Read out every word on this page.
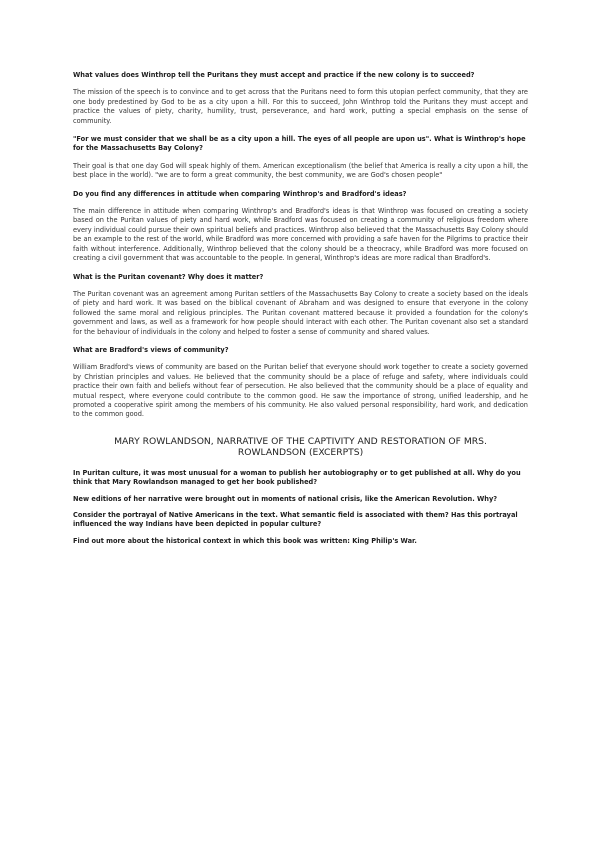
What values does Winthrop tell the Puritans they must accept and practice if the new colony is to succeed?

The mission of the speech is to convince and to get across that the Puritans need to form this utopian perfect community, that they are one body predestined by God to be as a city upon a hill. For this to succeed, John Winthrop told the Puritans they must accept and practice the values of piety, charity, humility, trust, perseverance, and hard work, putting a special emphasis on the sense of community.

"For we must consider that we shall be as a city upon a hill. The eyes of all people are upon us". What is Winthrop's hope for the Massachusetts Bay Colony?

Their goal is that one day God will speak highly of them. American exceptionalism (the belief that America is really a city upon a hill, the best place in the world). "we are to form a great community, the best community, we are God's chosen people"

Do you find any differences in attitude when comparing Winthrop's and Bradford's ideas?

The main difference in attitude when comparing Winthrop's and Bradford's ideas is that Winthrop was focused on creating a society based on the Puritan values of piety and hard work, while Bradford was focused on creating a community of religious freedom where every individual could pursue their own spiritual beliefs and practices. Winthrop also believed that the Massachusetts Bay Colony should be an example to the rest of the world, while Bradford was more concerned with providing a safe haven for the Pilgrims to practice their faith without interference. Additionally, Winthrop believed that the colony should be a theocracy, while Bradford was more focused on creating a civil government that was accountable to the people. In general, Winthrop's ideas are more radical than Bradford's.

What is the Puritan covenant? Why does it matter?

The Puritan covenant was an agreement among Puritan settlers of the Massachusetts Bay Colony to create a society based on the ideals of piety and hard work. It was based on the biblical covenant of Abraham and was designed to ensure that everyone in the colony followed the same moral and religious principles. The Puritan covenant mattered because it provided a foundation for the colony's government and laws, as well as a framework for how people should interact with each other. The Puritan covenant also set a standard for the behaviour of individuals in the colony and helped to foster a sense of community and shared values.

What are Bradford's views of community?

William Bradford's views of community are based on the Puritan belief that everyone should work together to create a society governed by Christian principles and values. He believed that the community should be a place of refuge and safety, where individuals could practice their own faith and beliefs without fear of persecution. He also believed that the community should be a place of equality and mutual respect, where everyone could contribute to the common good. He saw the importance of strong, unified leadership, and he promoted a cooperative spirit among the members of his community. He also valued personal responsibility, hard work, and dedication to the common good.

MARY ROWLANDSON, NARRATIVE OF THE CAPTIVITY AND RESTORATION OF MRS. ROWLANDSON (EXCERPTS)

In Puritan culture, it was most unusual for a woman to publish her autobiography or to get published at all. Why do you think that Mary Rowlandson managed to get her book published?

New editions of her narrative were brought out in moments of national crisis, like the American Revolution. Why?

Consider the portrayal of Native Americans in the text. What semantic field is associated with them? Has this portrayal influenced the way Indians have been depicted in popular culture?

Find out more about the historical context in which this book was written: King Philip's War.
